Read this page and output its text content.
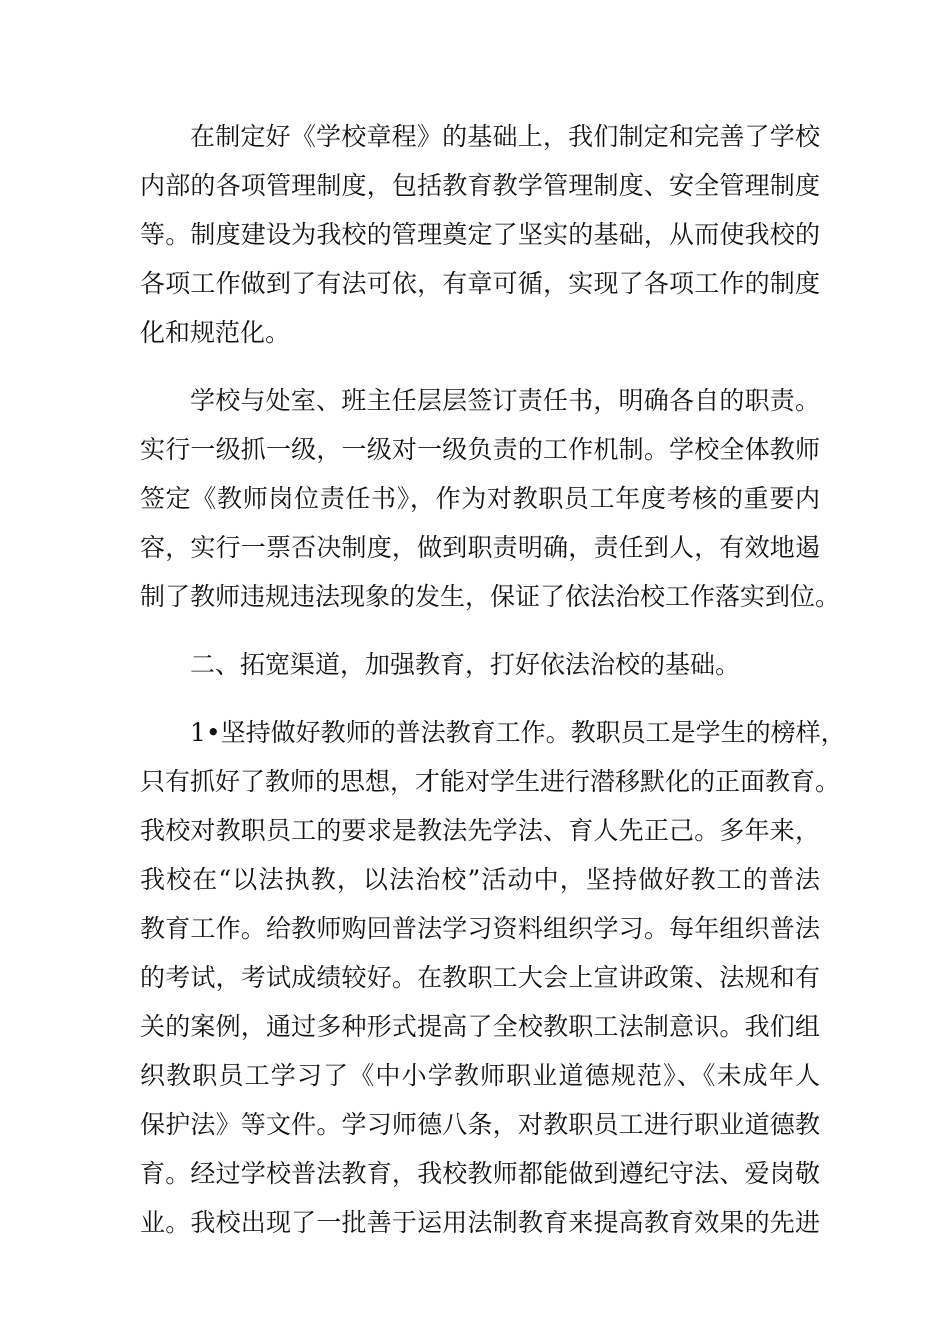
在制定好《学校章程》的基础上，我们制定和完善了学校
内部的各项管理制度，包括教育教学管理制度、安全管理制度
等。制度建设为我校的管理奠定了坚实的基础，从而使我校的
各项工作做到了有法可依，有章可循，实现了各项工作的制度
化和规范化。
学校与处室、班主任层层签订责任书，明确各自的职责。
实行一级抓一级，一级对一级负责的工作机制。学校全体教师
签定《教师岗位责任书》，作为对教职员工年度考核的重要内
容，实行一票否决制度，做到职责明确，责任到人，有效地遏
制了教师违规违法现象的发生，保证了依法治校工作落实到位。
二、拓宽渠道，加强教育，打好依法治校的基础。
1•坚持做好教师的普法教育工作。教职员工是学生的榜样，
只有抓好了教师的思想，才能对学生进行潜移默化的正面教育。
我校对教职员工的要求是教法先学法、育人先正己。多年来，
我校在“以法执教，以法治校”活动中，坚持做好教工的普法
教育工作。给教师购回普法学习资料组织学习。每年组织普法
的考试，考试成绩较好。在教职工大会上宣讲政策、法规和有
关的案例，通过多种形式提高了全校教职工法制意识。我们组
织教职员工学习了《中小学教师职业道德规范》、《未成年人
保护法》等文件。学习师德八条，对教职员工进行职业道德教
育。经过学校普法教育，我校教师都能做到遵纪守法、爱岗敬
业。我校出现了一批善于运用法制教育来提高教育效果的先进
